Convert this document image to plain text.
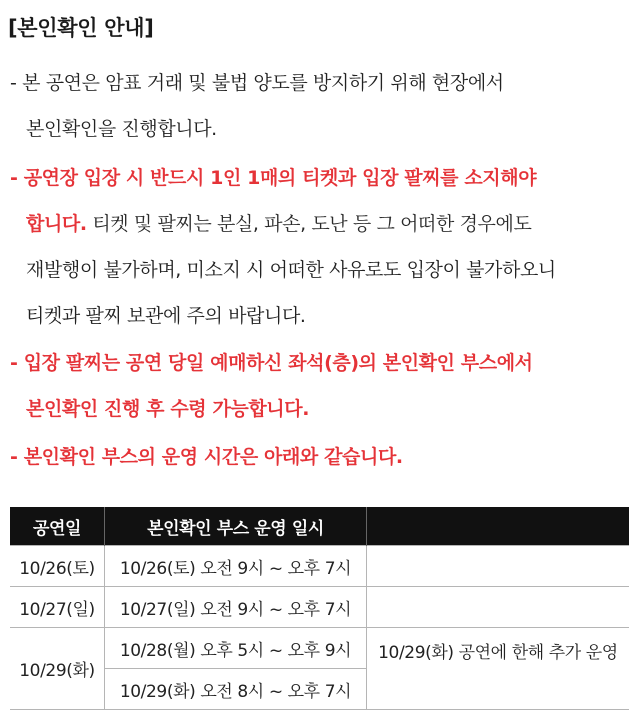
[본인확인 안내]
- 본 공연은 암표 거래 및 불법 양도를 방지하기 위해 현장에서
본인확인을 진행합니다.
- 공연장 입장 시 반드시 1인 1매의 티켓과 입장 팔찌를 소지해야
합니다. 티켓 및 팔찌는 분실, 파손, 도난 등 그 어떠한 경우에도
재발행이 불가하며, 미소지 시 어떠한 사유로도 입장이 불가하오니
티켓과 팔찌 보관에 주의 바랍니다.
- 입장 팔찌는 공연 당일 예매하신 좌석(층)의 본인확인 부스에서
본인확인 진행 후 수령 가능합니다.
- 본인확인 부스의 운영 시간은 아래와 같습니다.
공연일	본인확인 부스 운영 일시	
10/26(토)	10/26(토) 오전 9시 ~ 오후 7시	
10/27(일)	10/27(일) 오전 9시 ~ 오후 7시	
10/29(화)	10/28(월) 오후 5시 ~ 오후 9시	10/29(화) 공연에 한해 추가 운영
	10/29(화) 오전 8시 ~ 오후 7시	
